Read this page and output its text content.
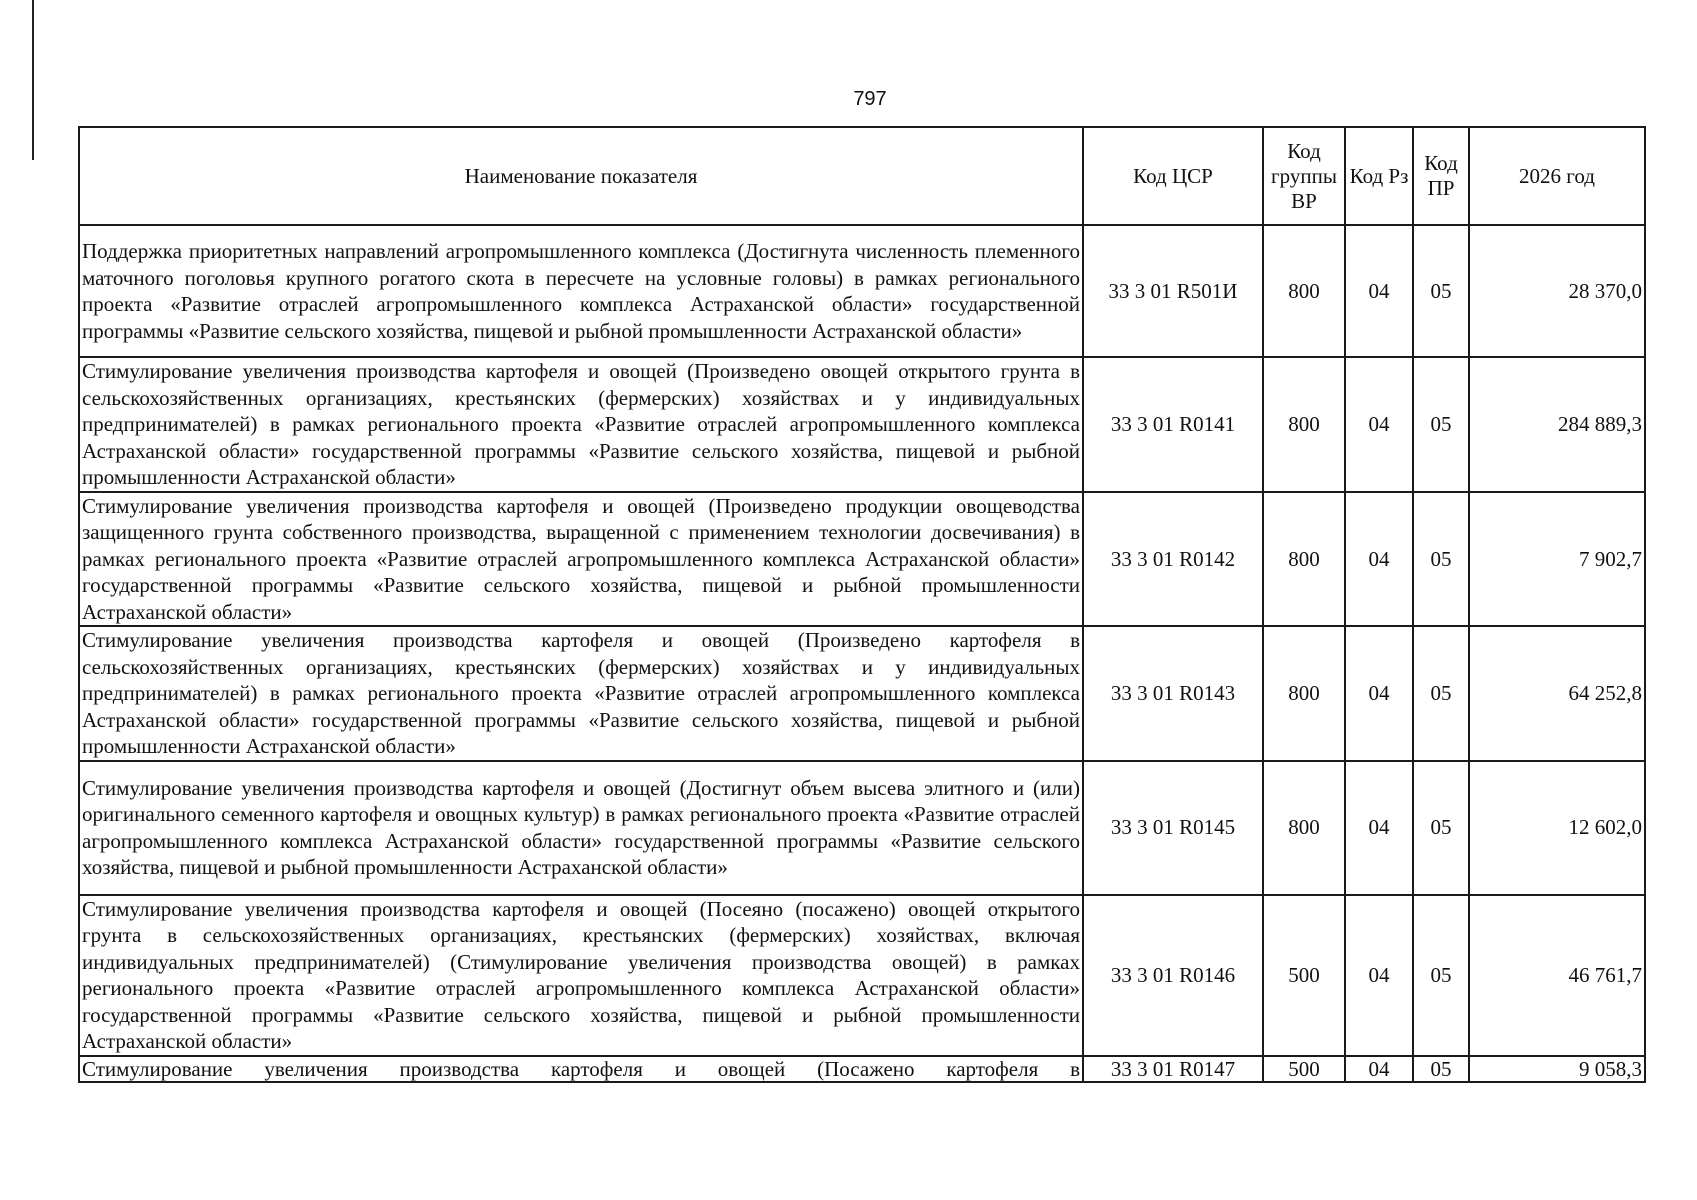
797
Наименование показателя	Код ЦСР	Код группы ВР	Код Рз	Код ПР	2026 год
Поддержка приоритетных направлений агропромышленного комплекса (Достигнута численность племенного маточного поголовья крупного рогатого скота в пересчете на условные головы) в рамках регионального проекта «Развитие отраслей агропромышленного комплекса Астраханской области» государственной программы «Развитие сельского хозяйства, пищевой и рыбной промышленности Астраханской области»	33 3 01 R501И	800	04	05	28 370,0
Стимулирование увеличения производства картофеля и овощей (Произведено овощей открытого грунта в сельскохозяйственных организациях, крестьянских (фермерских) хозяйствах и у индивидуальных предпринимателей) в рамках регионального проекта «Развитие отраслей агропромышленного комплекса Астраханской области» государственной программы «Развитие сельского хозяйства, пищевой и рыбной промышленности Астраханской области»	33 3 01 R0141	800	04	05	284 889,3
Стимулирование увеличения производства картофеля и овощей (Произведено продукции овощеводства защищенного грунта собственного производства, выращенной с применением технологии досвечивания) в рамках регионального проекта «Развитие отраслей агропромышленного комплекса Астраханской области» государственной программы «Развитие сельского хозяйства, пищевой и рыбной промышленности Астраханской области»	33 3 01 R0142	800	04	05	7 902,7
Стимулирование увеличения производства картофеля и овощей (Произведено картофеля в сельскохозяйственных организациях, крестьянских (фермерских) хозяйствах и у индивидуальных предпринимателей) в рамках регионального проекта «Развитие отраслей агропромышленного комплекса Астраханской области» государственной программы «Развитие сельского хозяйства, пищевой и рыбной промышленности Астраханской области»	33 3 01 R0143	800	04	05	64 252,8
Стимулирование увеличения производства картофеля и овощей (Достигнут объем высева элитного и (или) оригинального семенного картофеля и овощных культур) в рамках регионального проекта «Развитие отраслей агропромышленного комплекса Астраханской области» государственной программы «Развитие сельского хозяйства, пищевой и рыбной промышленности Астраханской области»	33 3 01 R0145	800	04	05	12 602,0
Стимулирование увеличения производства картофеля и овощей (Посеяно (посажено) овощей открытого грунта в сельскохозяйственных организациях, крестьянских (фермерских) хозяйствах, включая индивидуальных предпринимателей) (Стимулирование увеличения производства овощей) в рамках регионального проекта «Развитие отраслей агропромышленного комплекса Астраханской области» государственной программы «Развитие сельского хозяйства, пищевой и рыбной промышленности Астраханской области»	33 3 01 R0146	500	04	05	46 761,7
Стимулирование увеличения производства картофеля и овощей (Посажено картофеля в	33 3 01 R0147	500	04	05	9 058,3
